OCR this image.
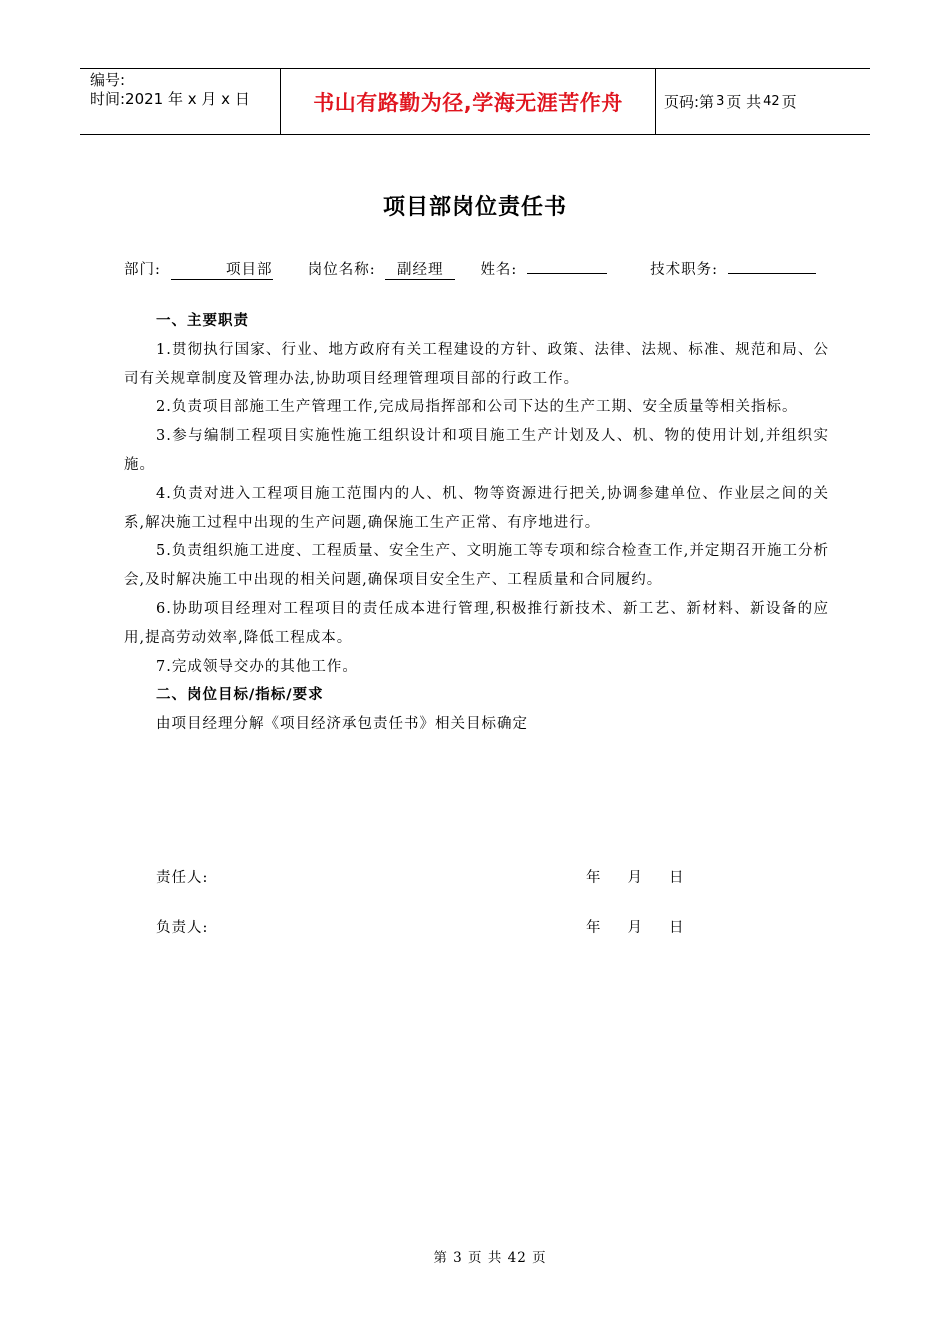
编号:
时间:2021 年 x 月 x 日	书山有路勤为径,学海无涯苦作舟	页码:第 3 页 共 42 页
项目部岗位责任书
部门:	项目部 岗位名称: 副经理	姓名:	技术职务:
一、主要职责

1.贯彻执行国家、行业、地方政府有关工程建设的方针、政策、法律、法规、标准、规范和局、公司有关规章制度及管理办法,协助项目经理管理项目部的行政工作。

2.负责项目部施工生产管理工作,完成局指挥部和公司下达的生产工期、安全质量等相关指标。

3.参与编制工程项目实施性施工组织设计和项目施工生产计划及人、机、物的使用计划,并组织实施。

4.负责对进入工程项目施工范围内的人、机、物等资源进行把关,协调参建单位、作业层之间的关系,解决施工过程中出现的生产问题,确保施工生产正常、有序地进行。

5.负责组织施工进度、工程质量、安全生产、文明施工等专项和综合检查工作,并定期召开施工分析会,及时解决施工中出现的相关问题,确保项目安全生产、工程质量和合同履约。

6.协助项目经理对工程项目的责任成本进行管理,积极推行新技术、新工艺、新材料、新设备的应用,提高劳动效率,降低工程成本。

7.完成领导交办的其他工作。

二、岗位目标/指标/要求

由项目经理分解《项目经济承包责任书》相关目标确定

责任人:	年 月 日
负责人:	年 月 日
第 3 页 共 42 页
